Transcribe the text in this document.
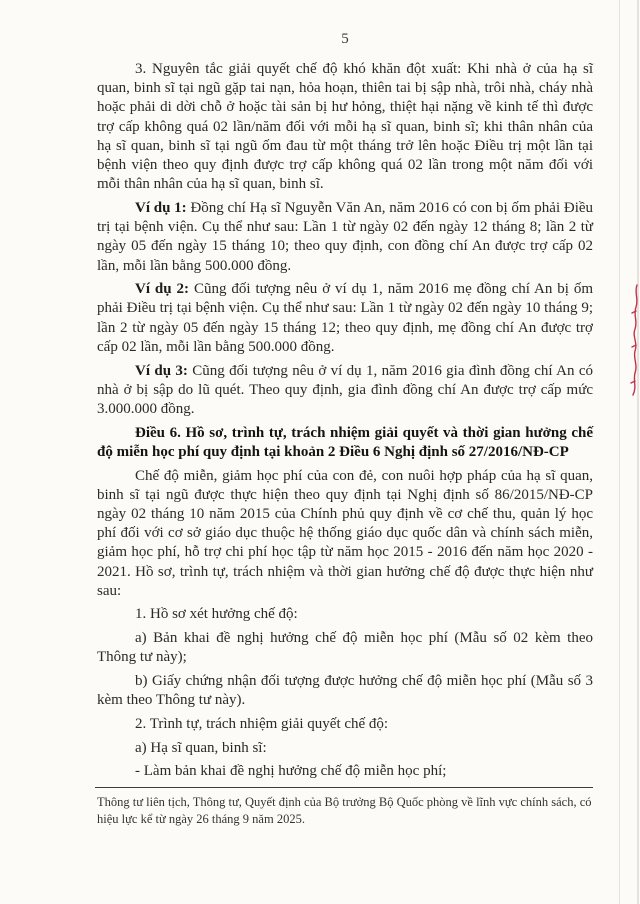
5

3. Nguyên tắc giải quyết chế độ khó khăn đột xuất: Khi nhà ở của hạ sĩ quan, binh sĩ tại ngũ gặp tai nạn, hỏa hoạn, thiên tai bị sập nhà, trôi nhà, cháy nhà hoặc phải di dời chỗ ở hoặc tài sản bị hư hỏng, thiệt hại nặng về kinh tế thì được trợ cấp không quá 02 lần/năm đối với mỗi hạ sĩ quan, binh sĩ; khi thân nhân của hạ sĩ quan, binh sĩ tại ngũ ốm đau từ một tháng trở lên hoặc Điều trị một lần tại bệnh viện theo quy định được trợ cấp không quá 02 lần trong một năm đối với mỗi thân nhân của hạ sĩ quan, binh sĩ.

Ví dụ 1: Đồng chí Hạ sĩ Nguyễn Văn An, năm 2016 có con bị ốm phải Điều trị tại bệnh viện. Cụ thể như sau: Lần 1 từ ngày 02 đến ngày 12 tháng 8; lần 2 từ ngày 05 đến ngày 15 tháng 10; theo quy định, con đồng chí An được trợ cấp 02 lần, mỗi lần bằng 500.000 đồng.

Ví dụ 2: Cũng đối tượng nêu ở ví dụ 1, năm 2016 mẹ đồng chí An bị ốm phải Điều trị tại bệnh viện. Cụ thể như sau: Lần 1 từ ngày 02 đến ngày 10 tháng 9; lần 2 từ ngày 05 đến ngày 15 tháng 12; theo quy định, mẹ đồng chí An được trợ cấp 02 lần, mỗi lần bằng 500.000 đồng.

Ví dụ 3: Cũng đối tượng nêu ở ví dụ 1, năm 2016 gia đình đồng chí An có nhà ở bị sập do lũ quét. Theo quy định, gia đình đồng chí An được trợ cấp mức 3.000.000 đồng.

Điều 6. Hồ sơ, trình tự, trách nhiệm giải quyết và thời gian hưởng chế độ miễn học phí quy định tại khoản 2 Điều 6 Nghị định số 27/2016/NĐ-CP

Chế độ miễn, giảm học phí của con đẻ, con nuôi hợp pháp của hạ sĩ quan, binh sĩ tại ngũ được thực hiện theo quy định tại Nghị định số 86/2015/NĐ-CP ngày 02 tháng 10 năm 2015 của Chính phủ quy định về cơ chế thu, quản lý học phí đối với cơ sở giáo dục thuộc hệ thống giáo dục quốc dân và chính sách miễn, giảm học phí, hỗ trợ chi phí học tập từ năm học 2015 - 2016 đến năm học 2020 - 2021. Hồ sơ, trình tự, trách nhiệm và thời gian hưởng chế độ được thực hiện như sau:

1. Hồ sơ xét hưởng chế độ:

a) Bản khai đề nghị hưởng chế độ miễn học phí (Mẫu số 02 kèm theo Thông tư này);

b) Giấy chứng nhận đối tượng được hưởng chế độ miễn học phí (Mẫu số 3 kèm theo Thông tư này).

2. Trình tự, trách nhiệm giải quyết chế độ:

a) Hạ sĩ quan, binh sĩ:

- Làm bản khai đề nghị hưởng chế độ miễn học phí;

Thông tư liên tịch, Thông tư, Quyết định của Bộ trưởng Bộ Quốc phòng về lĩnh vực chính sách, có hiệu lực kể từ ngày 26 tháng 9 năm 2025.
